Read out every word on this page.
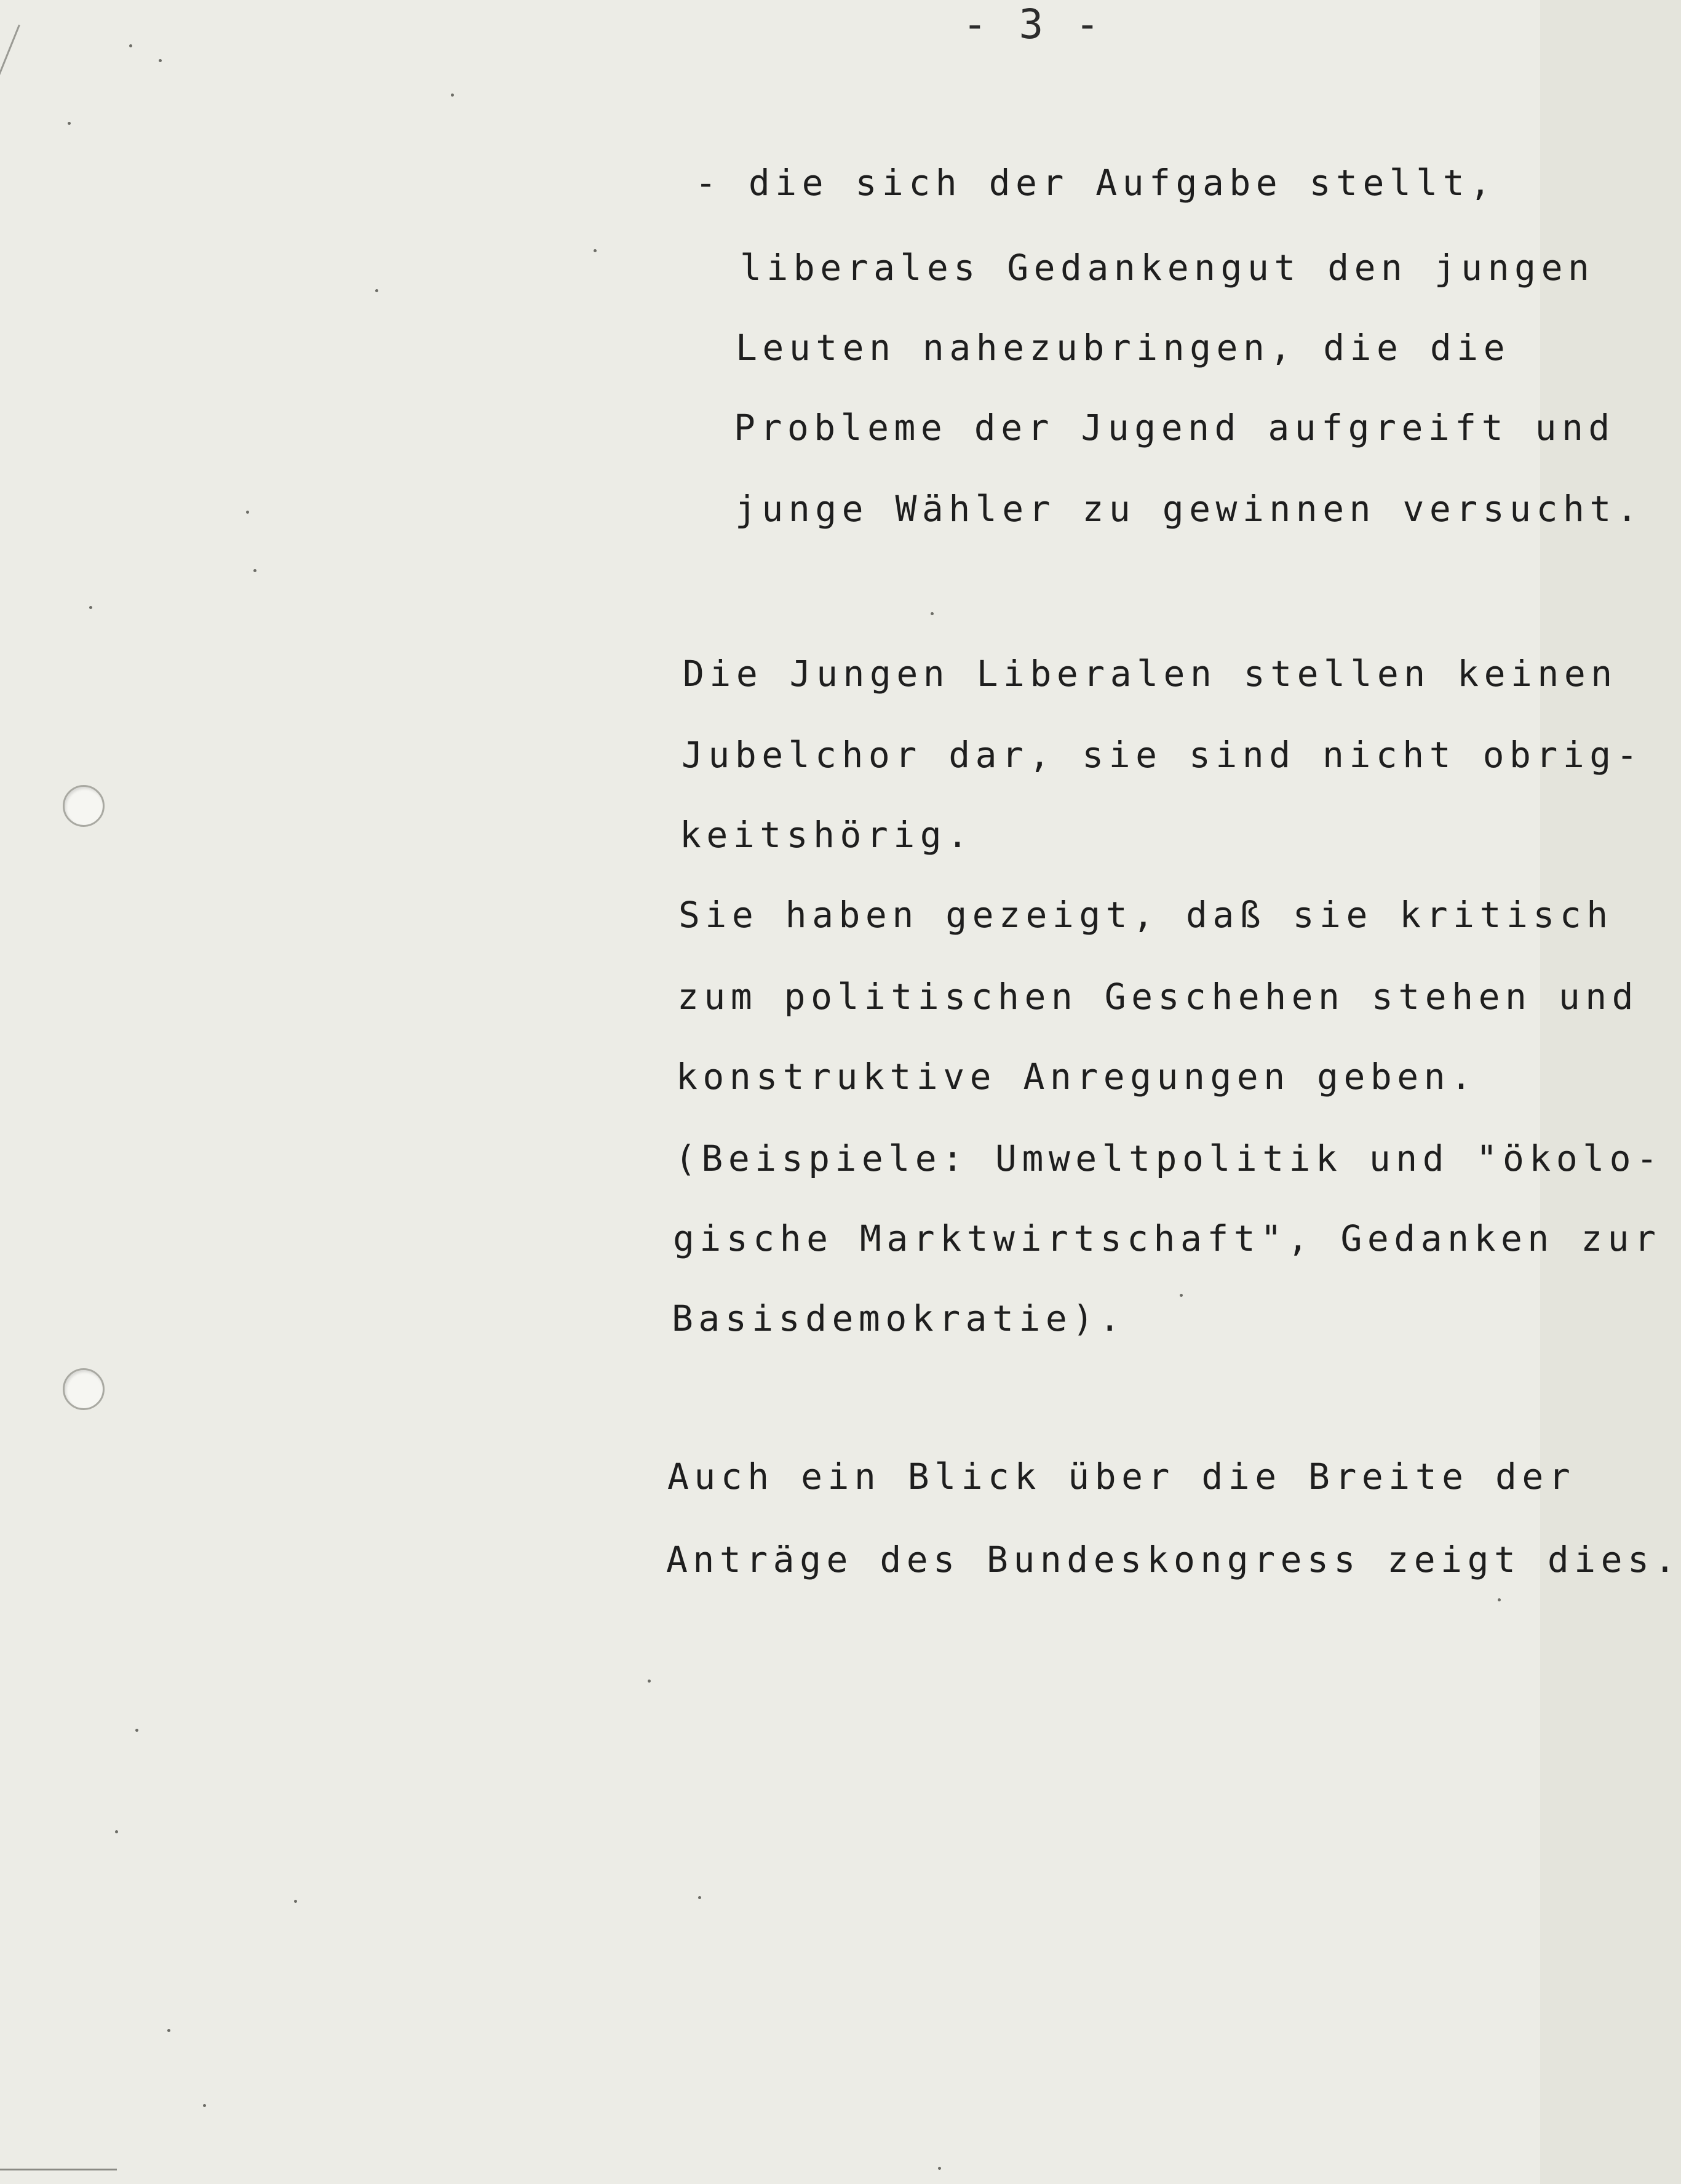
- 3 -
- die sich der Aufgabe stellt,
liberales Gedankengut den jungen
Leuten nahezubringen, die die
Probleme der Jugend aufgreift und
junge Wähler zu gewinnen versucht.
Die Jungen Liberalen stellen keinen
Jubelchor dar, sie sind nicht obrig-
keitshörig.
Sie haben gezeigt, daß sie kritisch
zum politischen Geschehen stehen und
konstruktive Anregungen geben.
(Beispiele: Umweltpolitik und "ökolo-
gische Marktwirtschaft", Gedanken zur
Basisdemokratie).
Auch ein Blick über die Breite der
Anträge des Bundeskongress zeigt dies.
